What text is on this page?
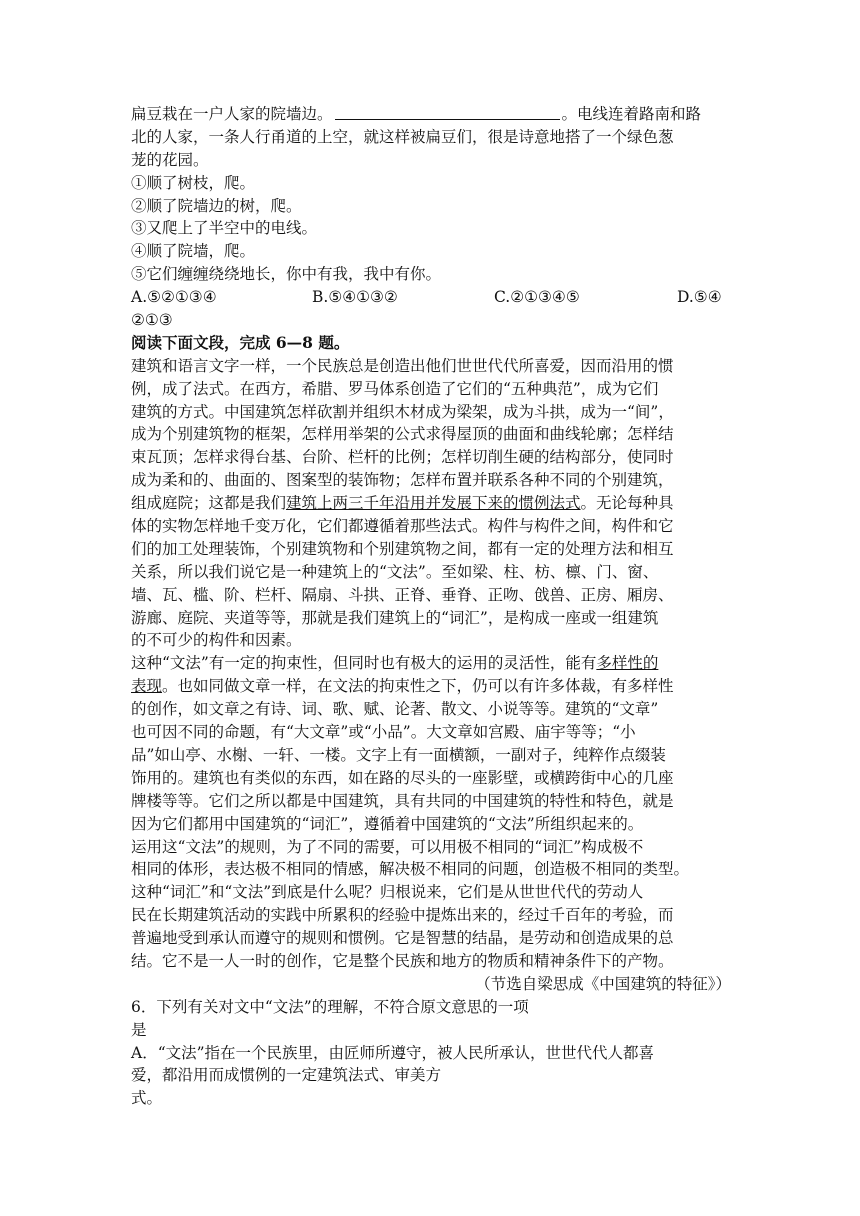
扁豆栽在一户人家的院墙边。	。电线连着路南和路
北的人家，一条人行甬道的上空，就这样被扁豆们，很是诗意地搭了一个绿色葱
茏的花园。
①顺了树枝，爬。
②顺了院墙边的树，爬。
③又爬上了半空中的电线。
④顺了院墙，爬。
⑤它们缠缠绕绕地长，你中有我，我中有你。
A.⑤②①③④	B.⑤④①③②	C.②①③④⑤	D.⑤④
②①③
阅读下面文段，完成 6—8 题。
建筑和语言文字一样，一个民族总是创造出他们世世代代所喜爱，因而沿用的惯
例，成了法式。在西方，希腊、罗马体系创造了它们的“五种典范”，成为它们
建筑的方式。中国建筑怎样砍割并组织木材成为梁架，成为斗拱，成为一“间”，
成为个别建筑物的框架，怎样用举架的公式求得屋顶的曲面和曲线轮廓；怎样结
束瓦顶；怎样求得台基、台阶、栏杆的比例；怎样切削生硬的结构部分，使同时
成为柔和的、曲面的、图案型的装饰物；怎样布置并联系各种不同的个别建筑，
组成庭院；这都是我们 建筑上两三千年沿用并发展下来的惯例法式 。无论每种具
体的实物怎样地千变万化，它们都遵循着那些法式。构件与构件之间，构件和它
们的加工处理装饰，个别建筑物和个别建筑物之间，都有一定的处理方法和相互
关系，所以我们说它是一种建筑上的“文法”。至如梁、柱、枋、檩、门、窗、
墙、瓦、槛、阶、栏杆、隔扇、斗拱、正脊、垂脊、正吻、戗兽、正房、厢房、
游廊、庭院、夹道等等，那就是我们建筑上的“词汇”，是构成一座或一组建筑
的不可少的构件和因素。
这种“文法”有一定的拘束性，但同时也有极大的运用的灵活性，能有 多样性的
表现 。也如同做文章一样，在文法的拘束性之下，仍可以有许多体裁，有多样性
的创作，如文章之有诗、词、歌、赋、论著、散文、小说等等。建筑的“文章”
也可因不同的命题，有“大文章”或“小品”。大文章如宫殿、庙宇等等；“小
品”如山亭、水榭、一轩、一楼。文字上有一面横额，一副对子，纯粹作点缀装
饰用的。建筑也有类似的东西，如在路的尽头的一座影壁，或横跨街中心的几座
牌楼等等。它们之所以都是中国建筑，具有共同的中国建筑的特性和特色，就是
因为它们都用中国建筑的“词汇”，遵循着中国建筑的“文法”所组织起来的。
运用这“文法”的规则，为了不同的需要，可以用极不相同的“词汇”构成极不
相同的体形，表达极不相同的情感，解决极不相同的问题，创造极不相同的类型。
这种“词汇”和“文法”到底是什么呢？归根说来，它们是从世世代代的劳动人
民在长期建筑活动的实践中所累积的经验中提炼出来的，经过千百年的考验，而
普遍地受到承认而遵守的规则和惯例。它是智慧的结晶，是劳动和创造成果的总
结。它不是一人一时的创作，它是整个民族和地方的物质和精神条件下的产物。
（节选自梁思成《中国建筑的特征》）
6．下列有关对文中“文法”的理解，不符合原文意思的一项
是
A．“文法”指在一个民族里，由匠师所遵守，被人民所承认，世世代代人都喜
爱，都沿用而成惯例的一定建筑法式、审美方
式。
